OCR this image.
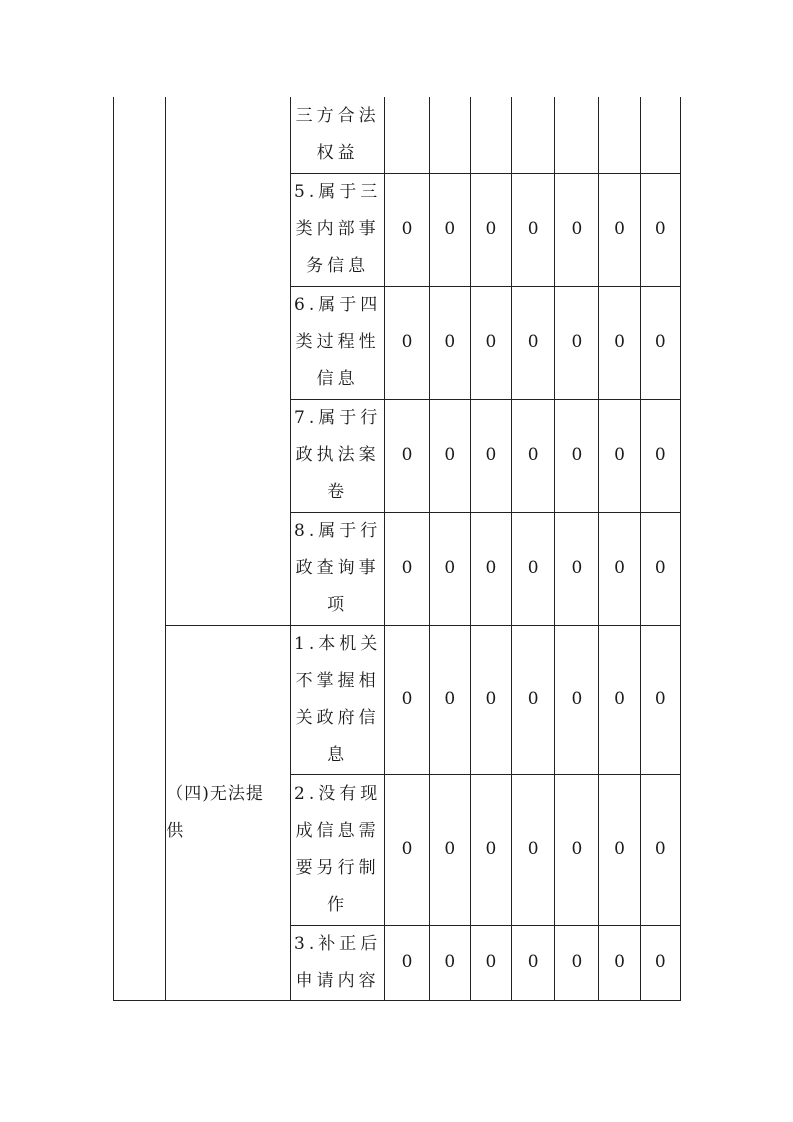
		三方合法
权益							

		5.属于三
类内部事
务信息	0	0	0	0	0	0	0

		6.属于四
类过程性
信息	0	0	0	0	0	0	0

		7.属于行
政执法案
卷	0	0	0	0	0	0	0

		8.属于行
政查询事
项	0	0	0	0	0	0	0

	（四)无法提
供	1.本机关
不掌握相
关政府信
息	0	0	0	0	0	0	0

		2.没有现
成信息需
要另行制
作	0	0	0	0	0	0	0

		3.补正后
申请内容	0	0	0	0	0	0	0
